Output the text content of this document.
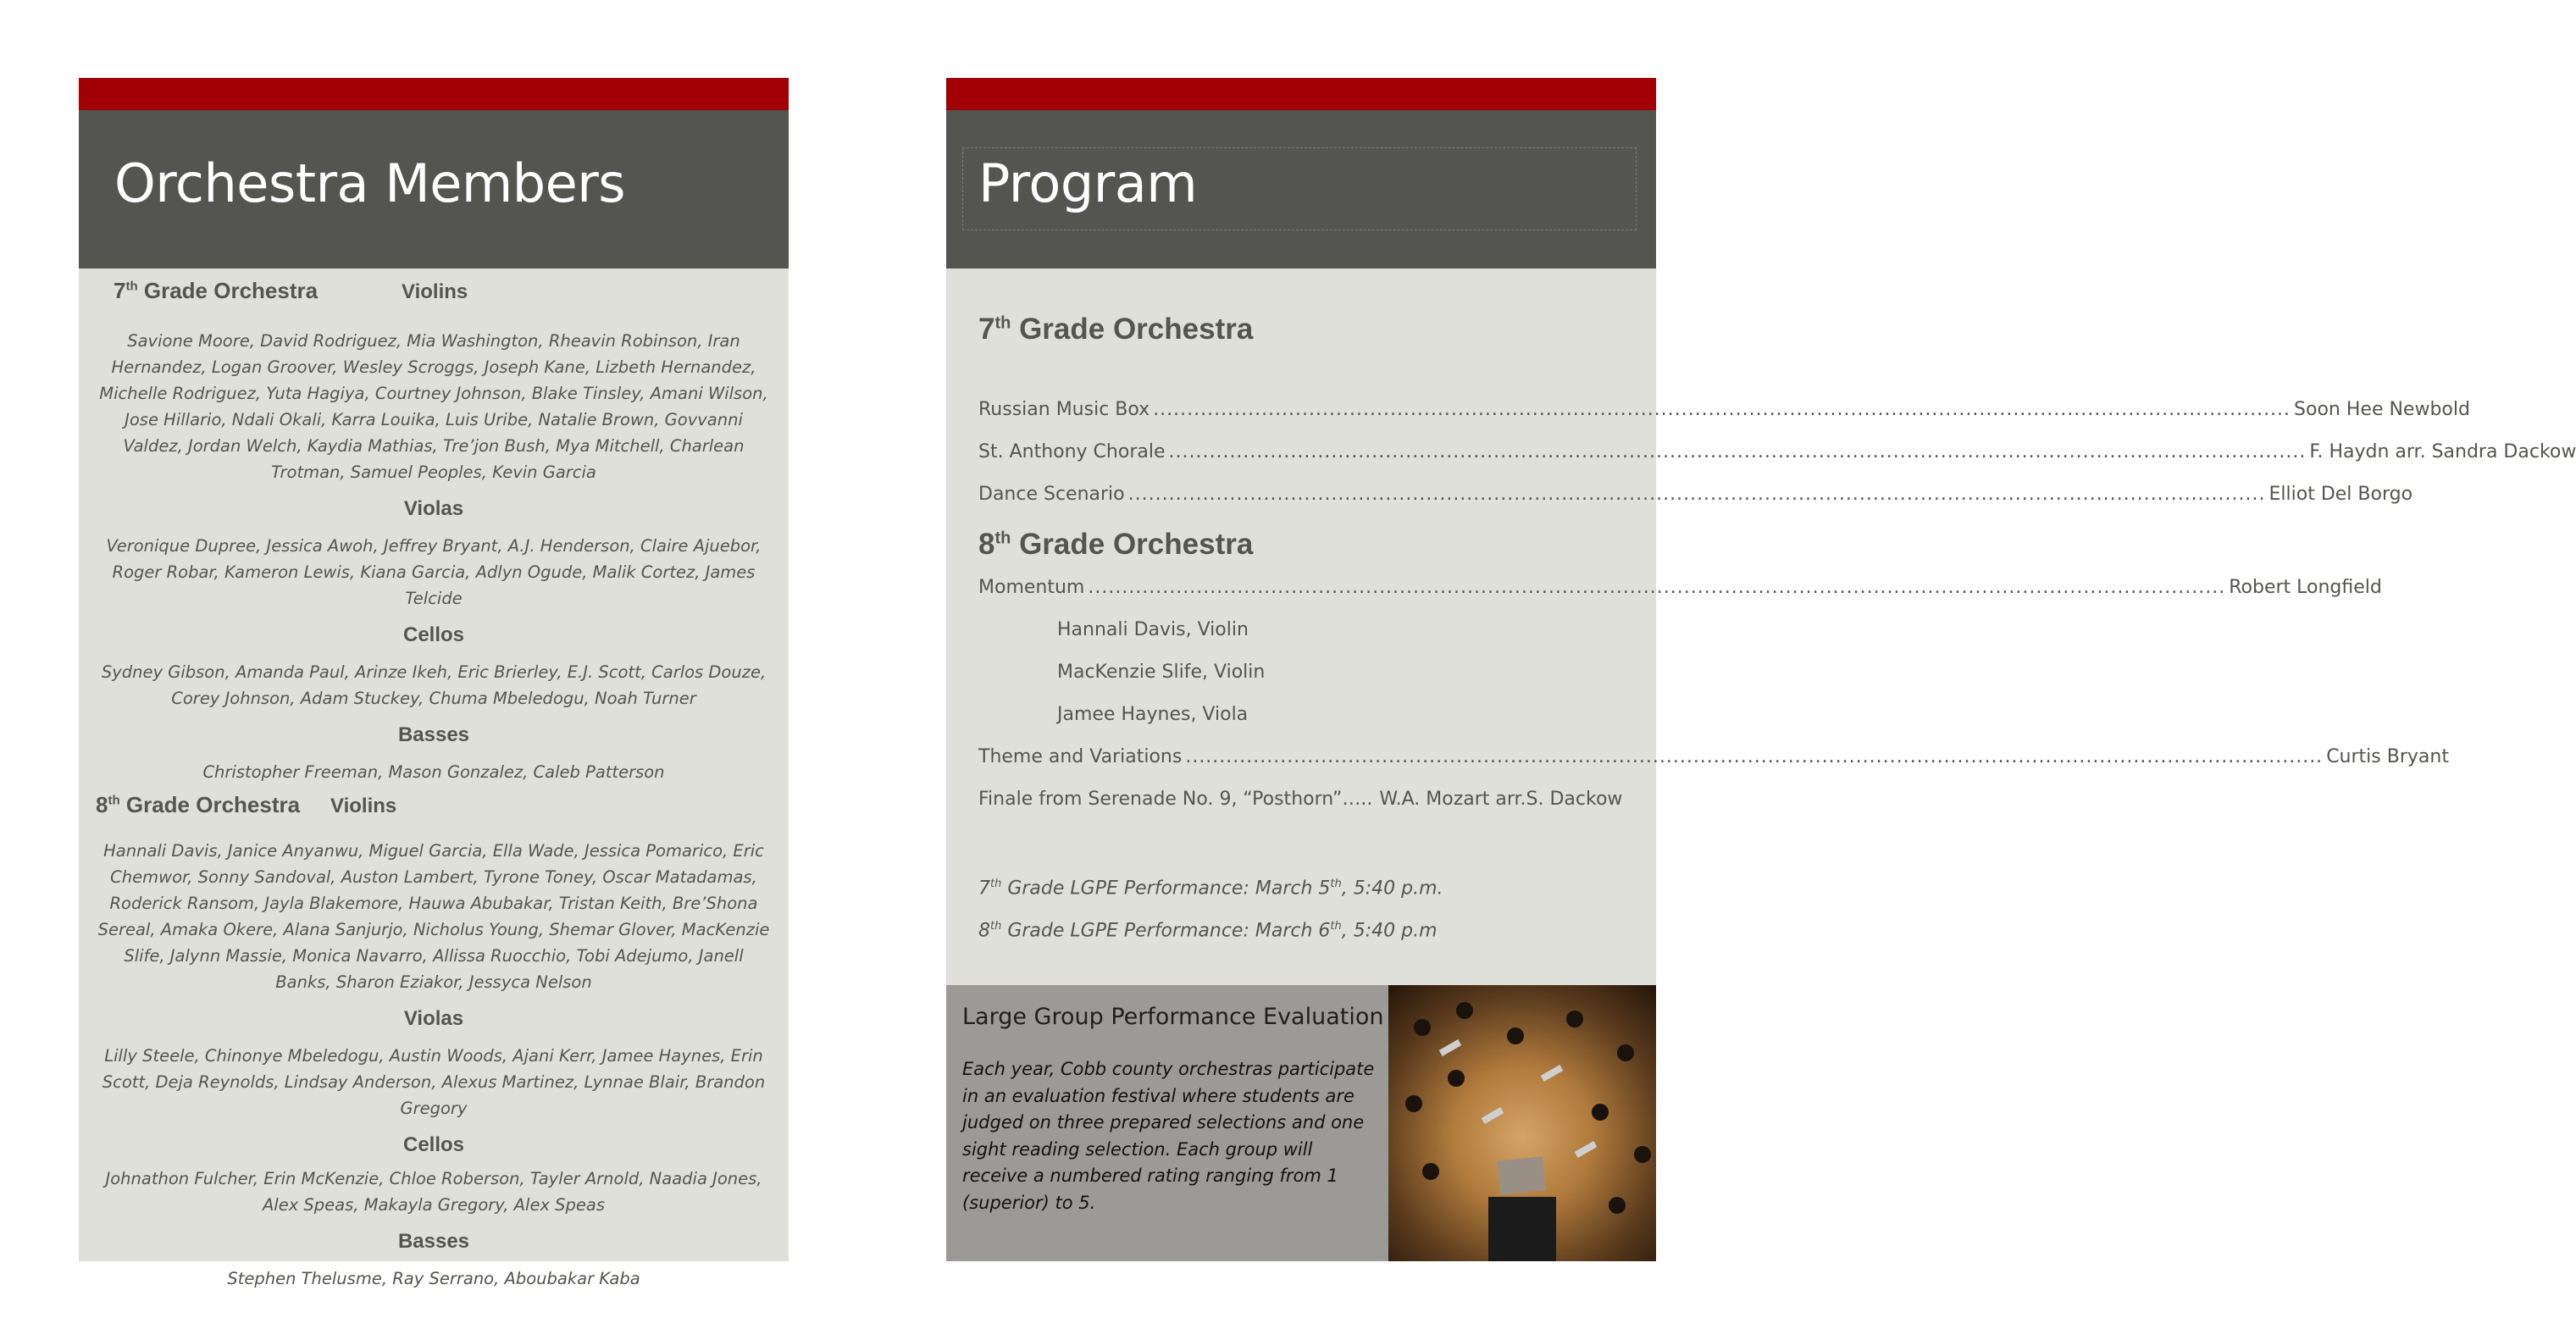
Orchestra Members
7th Grade Orchestra	Violins

Savione Moore, David Rodriguez, Mia Washington, Rheavin Robinson, Iran Hernandez, Logan Groover, Wesley Scroggs, Joseph Kane, Lizbeth Hernandez, Michelle Rodriguez, Yuta Hagiya, Courtney Johnson, Blake Tinsley, Amani Wilson, Jose Hillario, Ndali Okali, Karra Louika, Luis Uribe, Natalie Brown, Govvanni Valdez, Jordan Welch, Kaydia Mathias, Tre’jon Bush, Mya Mitchell, Charlean Trotman, Samuel Peoples, Kevin Garcia

Violas

Veronique Dupree, Jessica Awoh, Jeffrey Bryant, A.J. Henderson, Claire Ajuebor, Roger Robar, Kameron Lewis, Kiana Garcia, Adlyn Ogude, Malik Cortez, James Telcide

Cellos

Sydney Gibson, Amanda Paul, Arinze Ikeh, Eric Brierley, E.J. Scott, Carlos Douze, Corey Johnson, Adam Stuckey, Chuma Mbeledogu, Noah Turner

Basses

Christopher Freeman, Mason Gonzalez, Caleb Patterson

8th Grade Orchestra	Violins

Hannali Davis, Janice Anyanwu, Miguel Garcia, Ella Wade, Jessica Pomarico, Eric Chemwor, Sonny Sandoval, Auston Lambert, Tyrone Toney, Oscar Matadamas, Roderick Ransom, Jayla Blakemore, Hauwa Abubakar, Tristan Keith, Bre’Shona Sereal, Amaka Okere, Alana Sanjurjo, Nicholus Young, Shemar Glover, MacKenzie Slife, Jalynn Massie, Monica Navarro, Allissa Ruocchio, Tobi Adejumo, Janell Banks, Sharon Eziakor, Jessyca Nelson

Violas

Lilly Steele, Chinonye Mbeledogu, Austin Woods, Ajani Kerr, Jamee Haynes, Erin Scott, Deja Reynolds, Lindsay Anderson, Alexus Martinez, Lynnae Blair, Brandon Gregory

Cellos

Johnathon Fulcher, Erin McKenzie, Chloe Roberson, Tayler Arnold, Naadia Jones, Alex Speas, Makayla Gregory, Alex Speas

Basses

Stephen Thelusme, Ray Serrano, Aboubakar Kaba

Program
7th Grade Orchestra
Russian Music Box .....	Soon Hee Newbold
St. Anthony Chorale .....	F. Haydn arr. Sandra Dackow
Dance Scenario .....	Elliot Del Borgo
8th Grade Orchestra
Momentum .....	Robert Longfield
Hannali Davis, Violin
MacKenzie Slife, Violin
Jamee Haynes, Viola
Theme and Variations .....	Curtis Bryant
Finale from Serenade No. 9, “Posthorn”….. W.A. Mozart arr.S. Dackow
7th Grade LGPE Performance: March 5th, 5:40 p.m.
8th Grade LGPE Performance: March 6th, 5:40 p.m
Large Group Performance Evaluation

Each year, Cobb county orchestras participate in an evaluation festival where students are judged on three prepared selections and one sight reading selection. Each group will receive a numbered rating ranging from 1 (superior) to 5.
